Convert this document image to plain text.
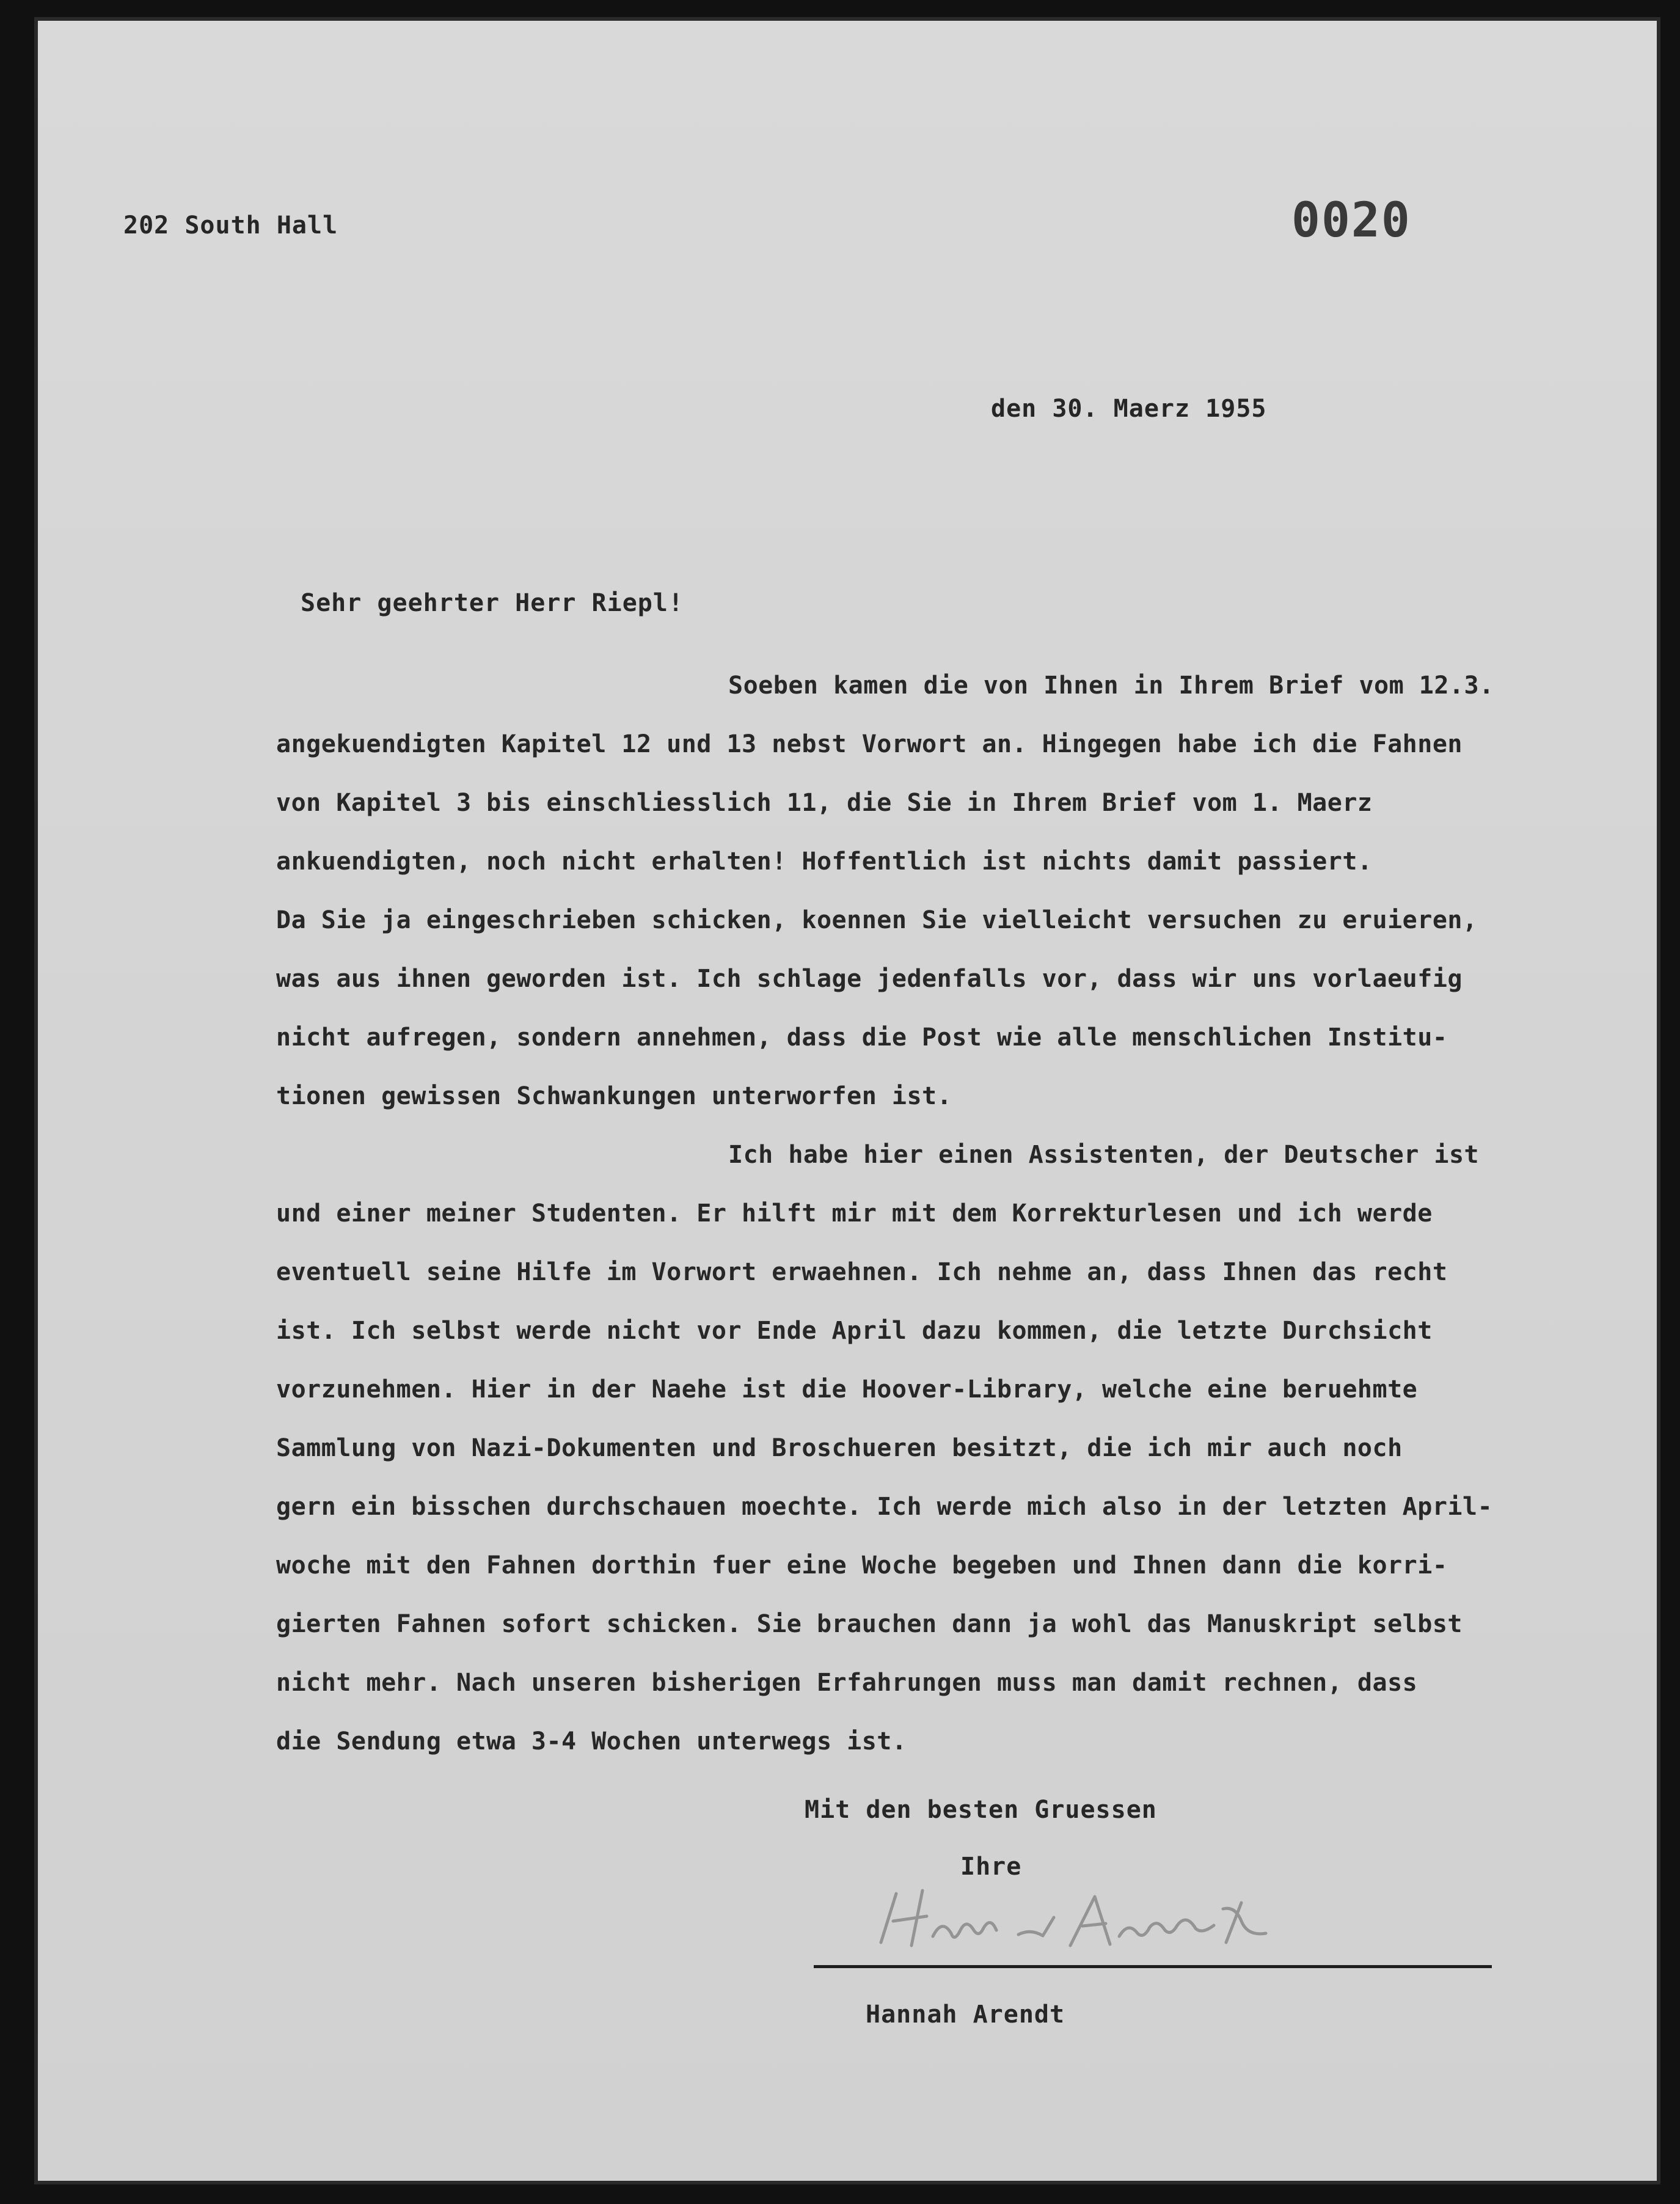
202 South Hall	0020
den 30. Maerz 1955
Sehr geehrter Herr Riepl!
Soeben kamen die von Ihnen in Ihrem Brief vom 12.3.
angekuendigten Kapitel 12 und 13 nebst Vorwort an. Hingegen habe ich die Fahnen
von Kapitel 3 bis einschliesslich 11, die Sie in Ihrem Brief vom 1. Maerz
ankuendigten, noch nicht erhalten! Hoffentlich ist nichts damit passiert.
Da Sie ja eingeschrieben schicken, koennen Sie vielleicht versuchen zu eruieren,
was aus ihnen geworden ist. Ich schlage jedenfalls vor, dass wir uns vorlaeufig
nicht aufregen, sondern annehmen, dass die Post wie alle menschlichen Institu-
tionen gewissen Schwankungen unterworfen ist.
Ich habe hier einen Assistenten, der Deutscher ist
und einer meiner Studenten. Er hilft mir mit dem Korrekturlesen und ich werde
eventuell seine Hilfe im Vorwort erwaehnen. Ich nehme an, dass Ihnen das recht
ist. Ich selbst werde nicht vor Ende April dazu kommen, die letzte Durchsicht
vorzunehmen. Hier in der Naehe ist die Hoover-Library, welche eine beruehmte
Sammlung von Nazi-Dokumenten und Broschueren besitzt, die ich mir auch noch
gern ein bisschen durchschauen moechte. Ich werde mich also in der letzten April-
woche mit den Fahnen dorthin fuer eine Woche begeben und Ihnen dann die korri-
gierten Fahnen sofort schicken. Sie brauchen dann ja wohl das Manuskript selbst
nicht mehr. Nach unseren bisherigen Erfahrungen muss man damit rechnen, dass
die Sendung etwa 3-4 Wochen unterwegs ist.
Mit den besten Gruessen
Ihre
Hannah Arendt
